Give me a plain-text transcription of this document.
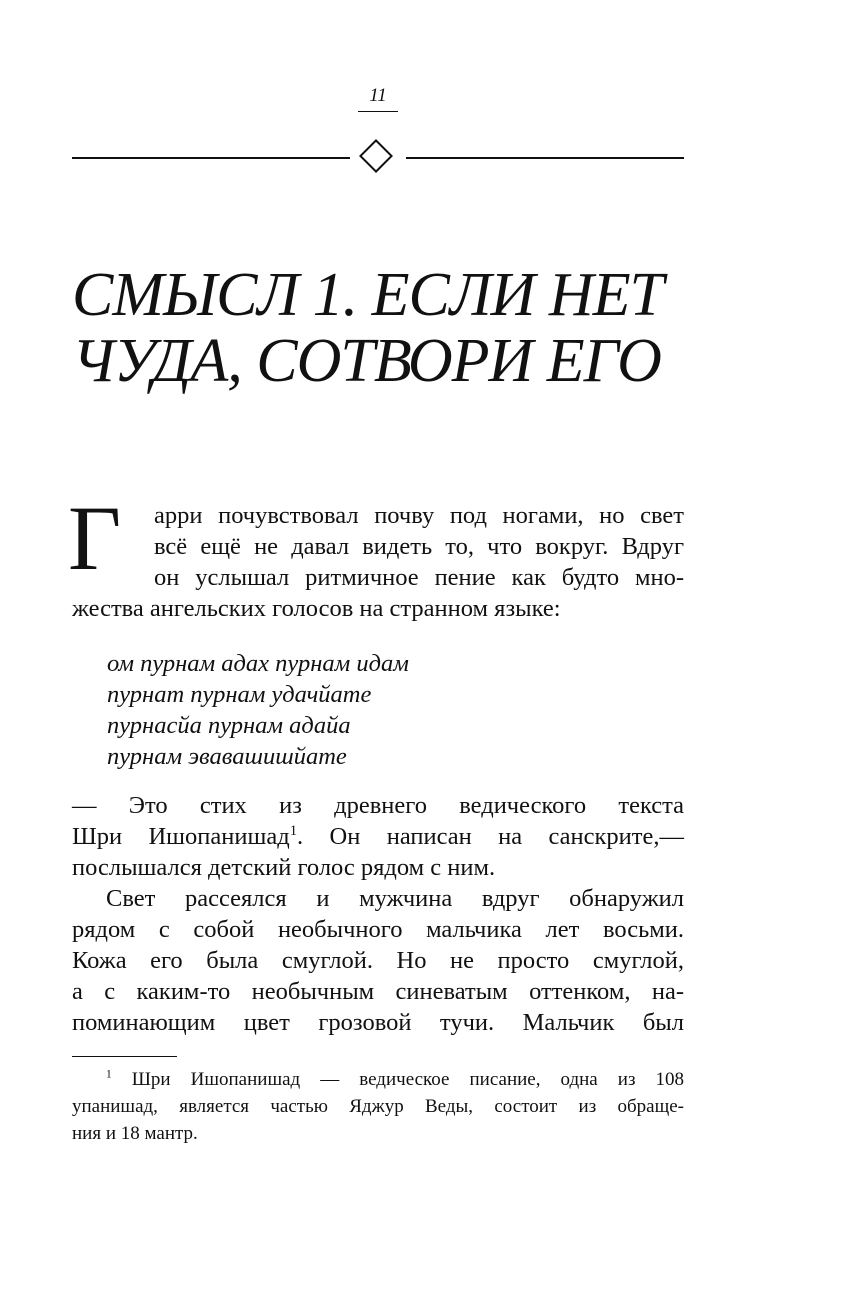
11
СМЫСЛ 1. ЕСЛИ НЕТ
ЧУДА, СОТВОРИ ЕГО
Г арри почувствовал почву под ногами, но свет
всё ещё не давал видеть то, что вокруг. Вдруг
он услышал ритмичное пение как будто мно-
жества ангельских голосов на странном языке:
ом пурнам адах пурнам идам
пурнат пурнам удачйате
пурнасйа пурнам адайа
пурнам эвавашишйате
— Это стих из древнего ведического текста
Шри Ишопанишад$^1$. Он написан на санскрите,—
послышался детский голос рядом с ним.
Свет рассеялся и мужчина вдруг обнаружил
рядом с собой необычного мальчика лет восьми.
Кожа его была смуглой. Но не просто смуглой,
а с каким-то необычным синеватым оттенком, на-
поминающим цвет грозовой тучи. Мальчик был
$^1$ Шри Ишопанишад — ведическое писание, одна из 108
упанишад, является частью Яджур Веды, состоит из обраще-
ния и 18 мантр.
